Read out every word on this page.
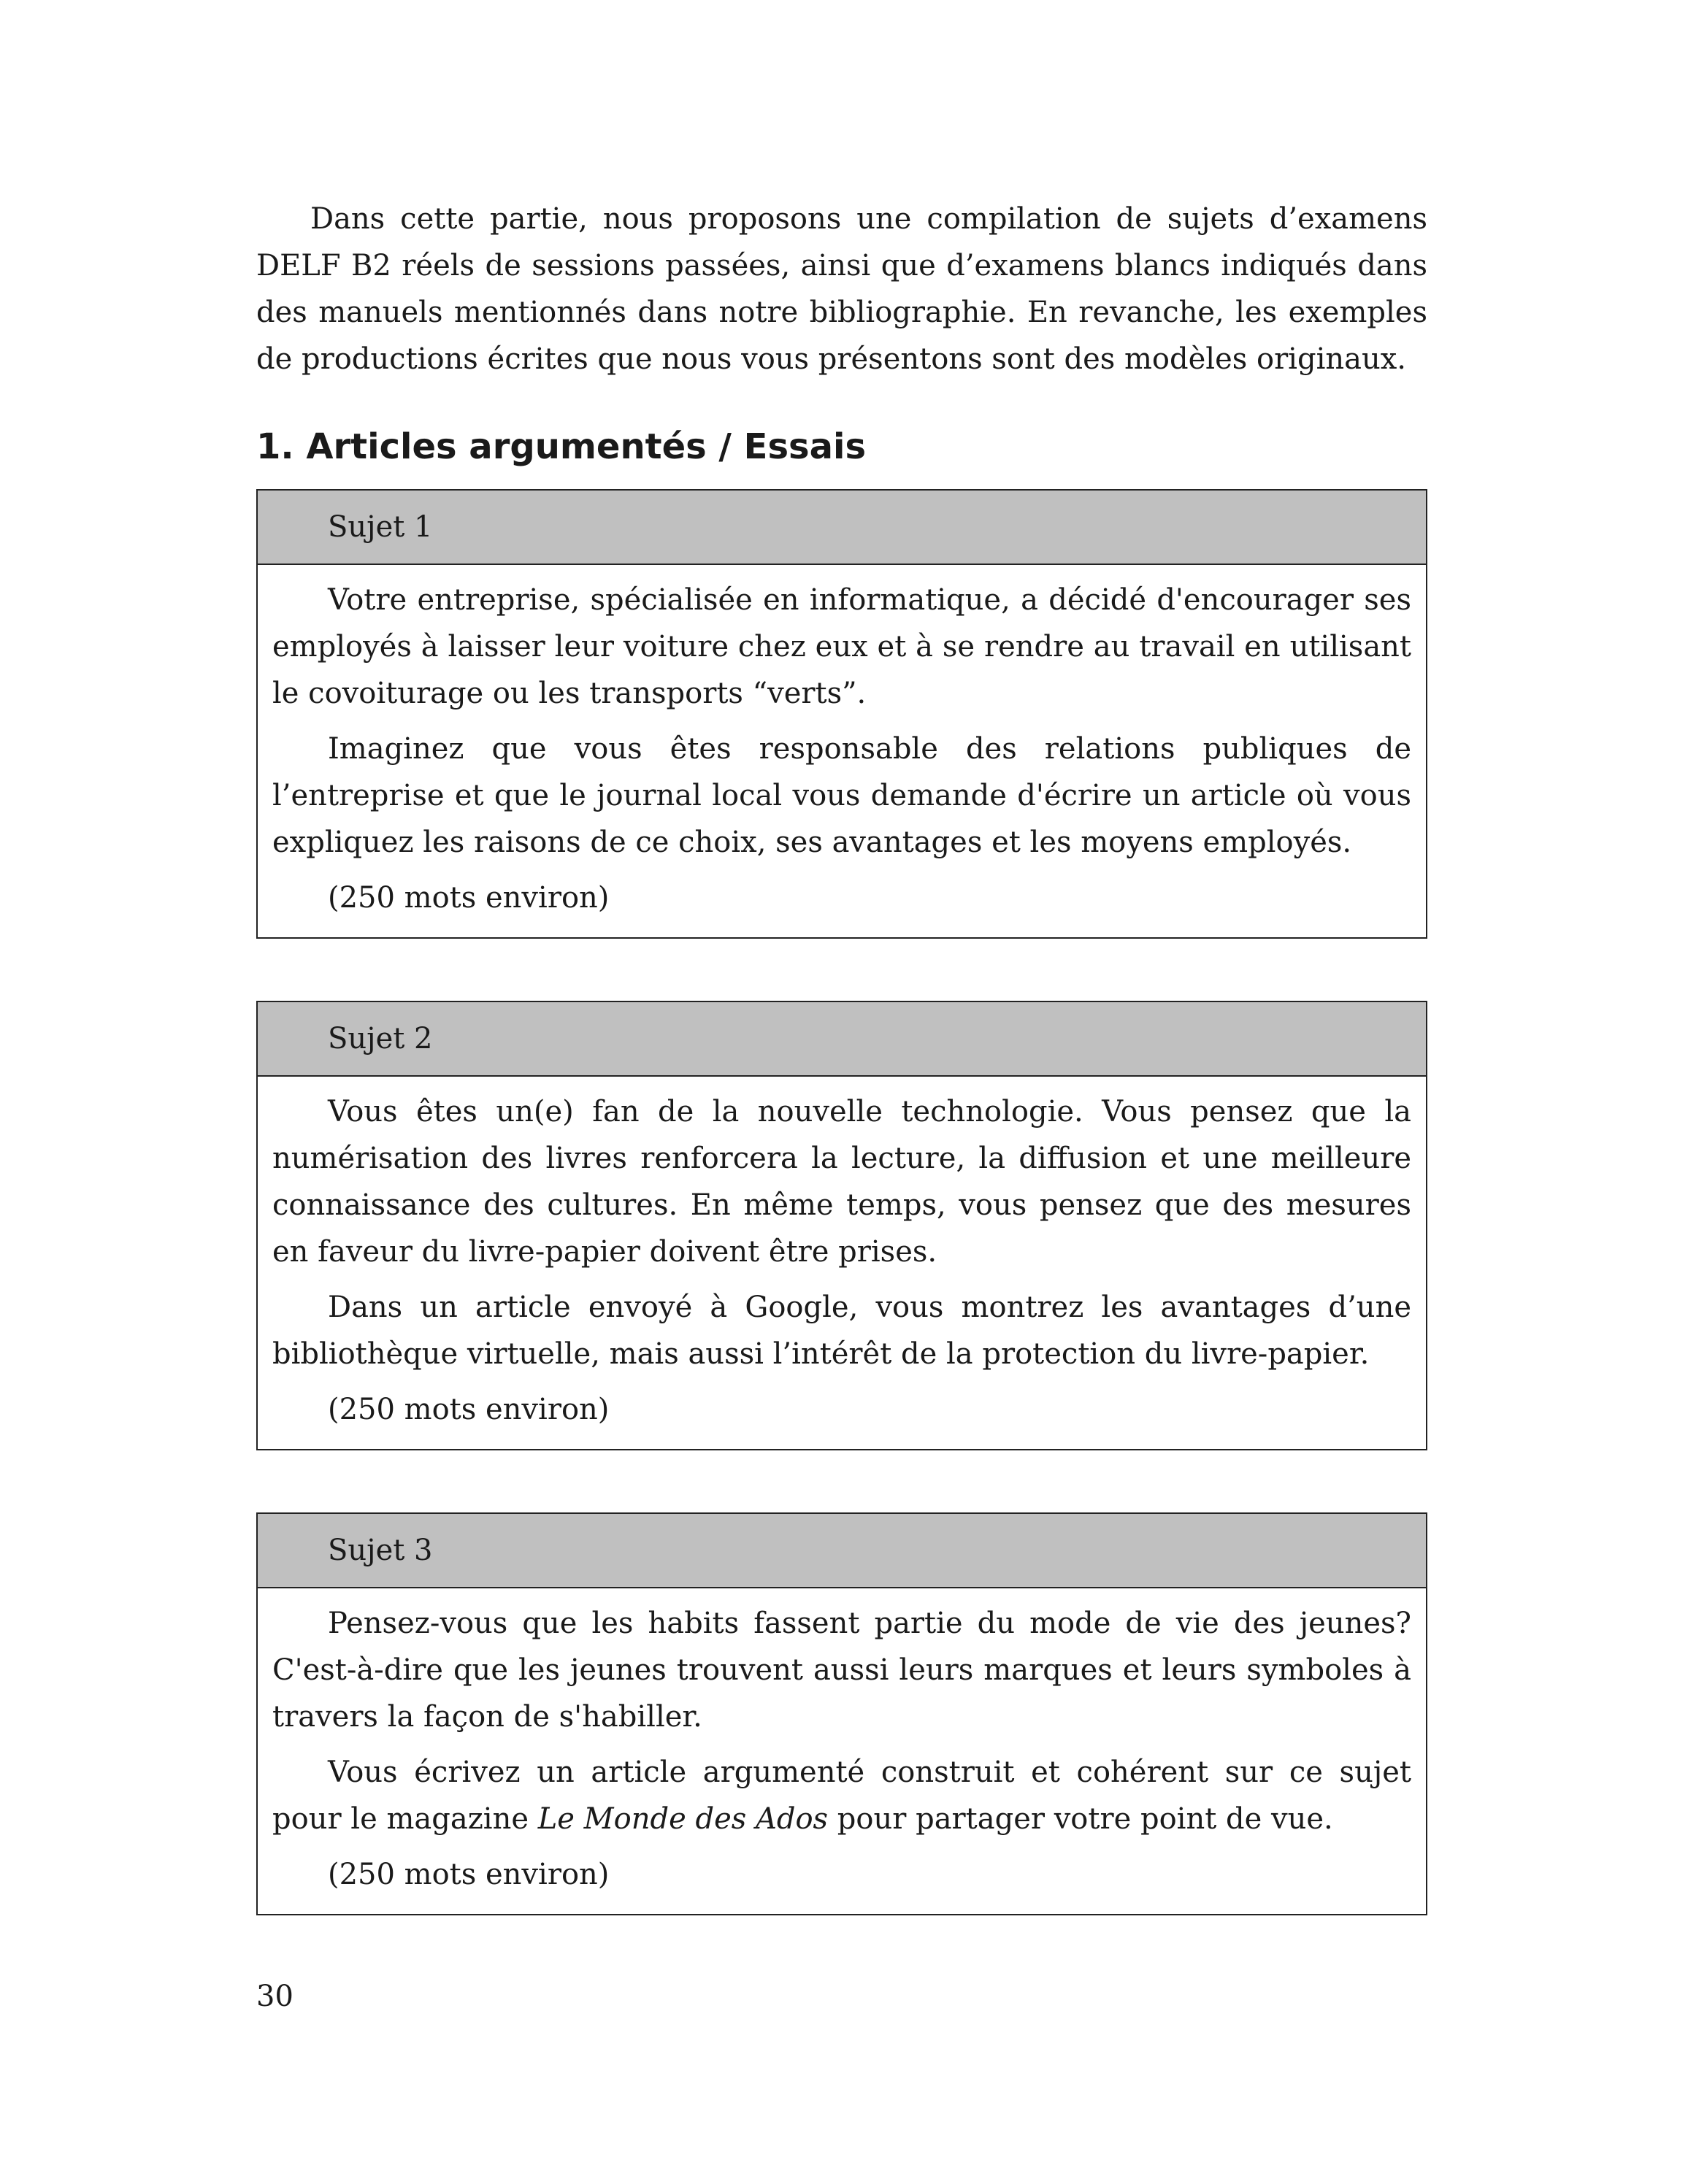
Dans cette partie, nous proposons une compilation de sujets d’examens DELF B2 réels de sessions passées, ainsi que d’examens blancs indiqués dans des manuels mentionnés dans notre bibliographie. En revanche, les exemples de productions écrites que nous vous présentons sont des modèles originaux.

1. Articles argumentés / Essais
Sujet 1

Votre entreprise, spécialisée en informatique, a décidé d'encourager ses employés à laisser leur voiture chez eux et à se rendre au travail en utilisant le covoiturage ou les transports “verts”.

Imaginez que vous êtes responsable des relations publiques de l’entreprise et que le journal local vous demande d'écrire un article où vous expliquez les raisons de ce choix, ses avantages et les moyens employés.

(250 mots environ)

Sujet 2

Vous êtes un(e) fan de la nouvelle technologie. Vous pensez que la numérisation des livres renforcera la lecture, la diffusion et une meilleure connaissance des cultures. En même temps, vous pensez que des mesures en faveur du livre-papier doivent être prises.

Dans un article envoyé à Google, vous montrez les avantages d’une bibliothèque virtuelle, mais aussi l’intérêt de la protection du livre-papier.

(250 mots environ)

Sujet 3

Pensez-vous que les habits fassent partie du mode de vie des jeunes? C'est-à-dire que les jeunes trouvent aussi leurs marques et leurs symboles à travers la façon de s'habiller.

Vous écrivez un article argumenté construit et cohérent sur ce sujet pour le magazine Le Monde des Ados pour partager votre point de vue.

(250 mots environ)

30
